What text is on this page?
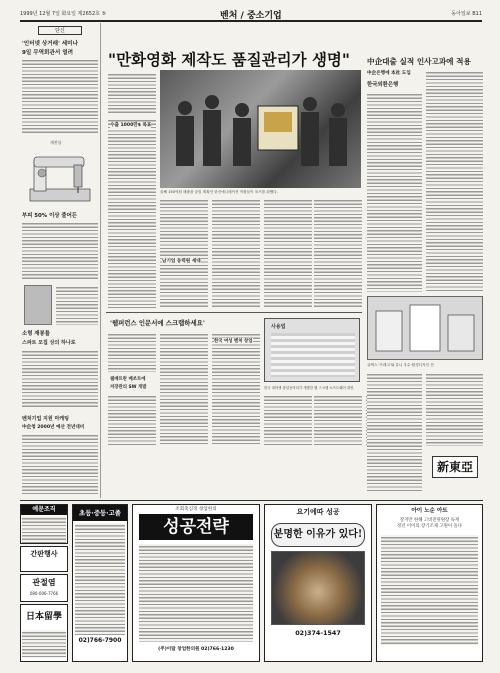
1999년 12월 7일 화요일 제2652호 ⑤	벤처 / 중소기업	동아일보 B11
단신
'인터넷 상거래' 세미나
9일 무역회관서 열려
재봉틀
부피 50% 이상 줄어든
소형 재봉틀
스파트 모집 상의 하나로
벤처기업 지원 마케팅
中企청 2000년 예산 전년대비
"만화영화 제작도 품질관리가 생명"
올해 150억원 매출을 올릴 계획인 한신애니메이션 직원들이 포즈를 취했다.
수출 1000만$ 목표
남기업 동력원 세대
中企대출 실적 인사고과에 적용
中企은행에 本社 도입
한국외환은행
'웹퍼런스 인문서에 스크랩하세요'
웹매트란 베쏘트에
저장관리 SW 개발
한국 여성 벤처 창업
사용법
한국 대학생 창업동아리가 개발한 웹 스크랩 소프트웨어 화면.
큐엑스 '프레고'와 유니 우수·환경디자인 전
新東亞
예문조직
간판행사
관절염
080-006-7766
日本留學
초등·중등·고졸
02)766-7900
조회축심정 창업한의
성공전략
(주)이랍 창업한의원 02)766-1230
요기에따 성공
분명한 이유가 있다!
02)374-1547
아이 노순 아트
잘지만 한해 고비전위원장 독재
정년 이어의 장기조제 고원이 돌다
